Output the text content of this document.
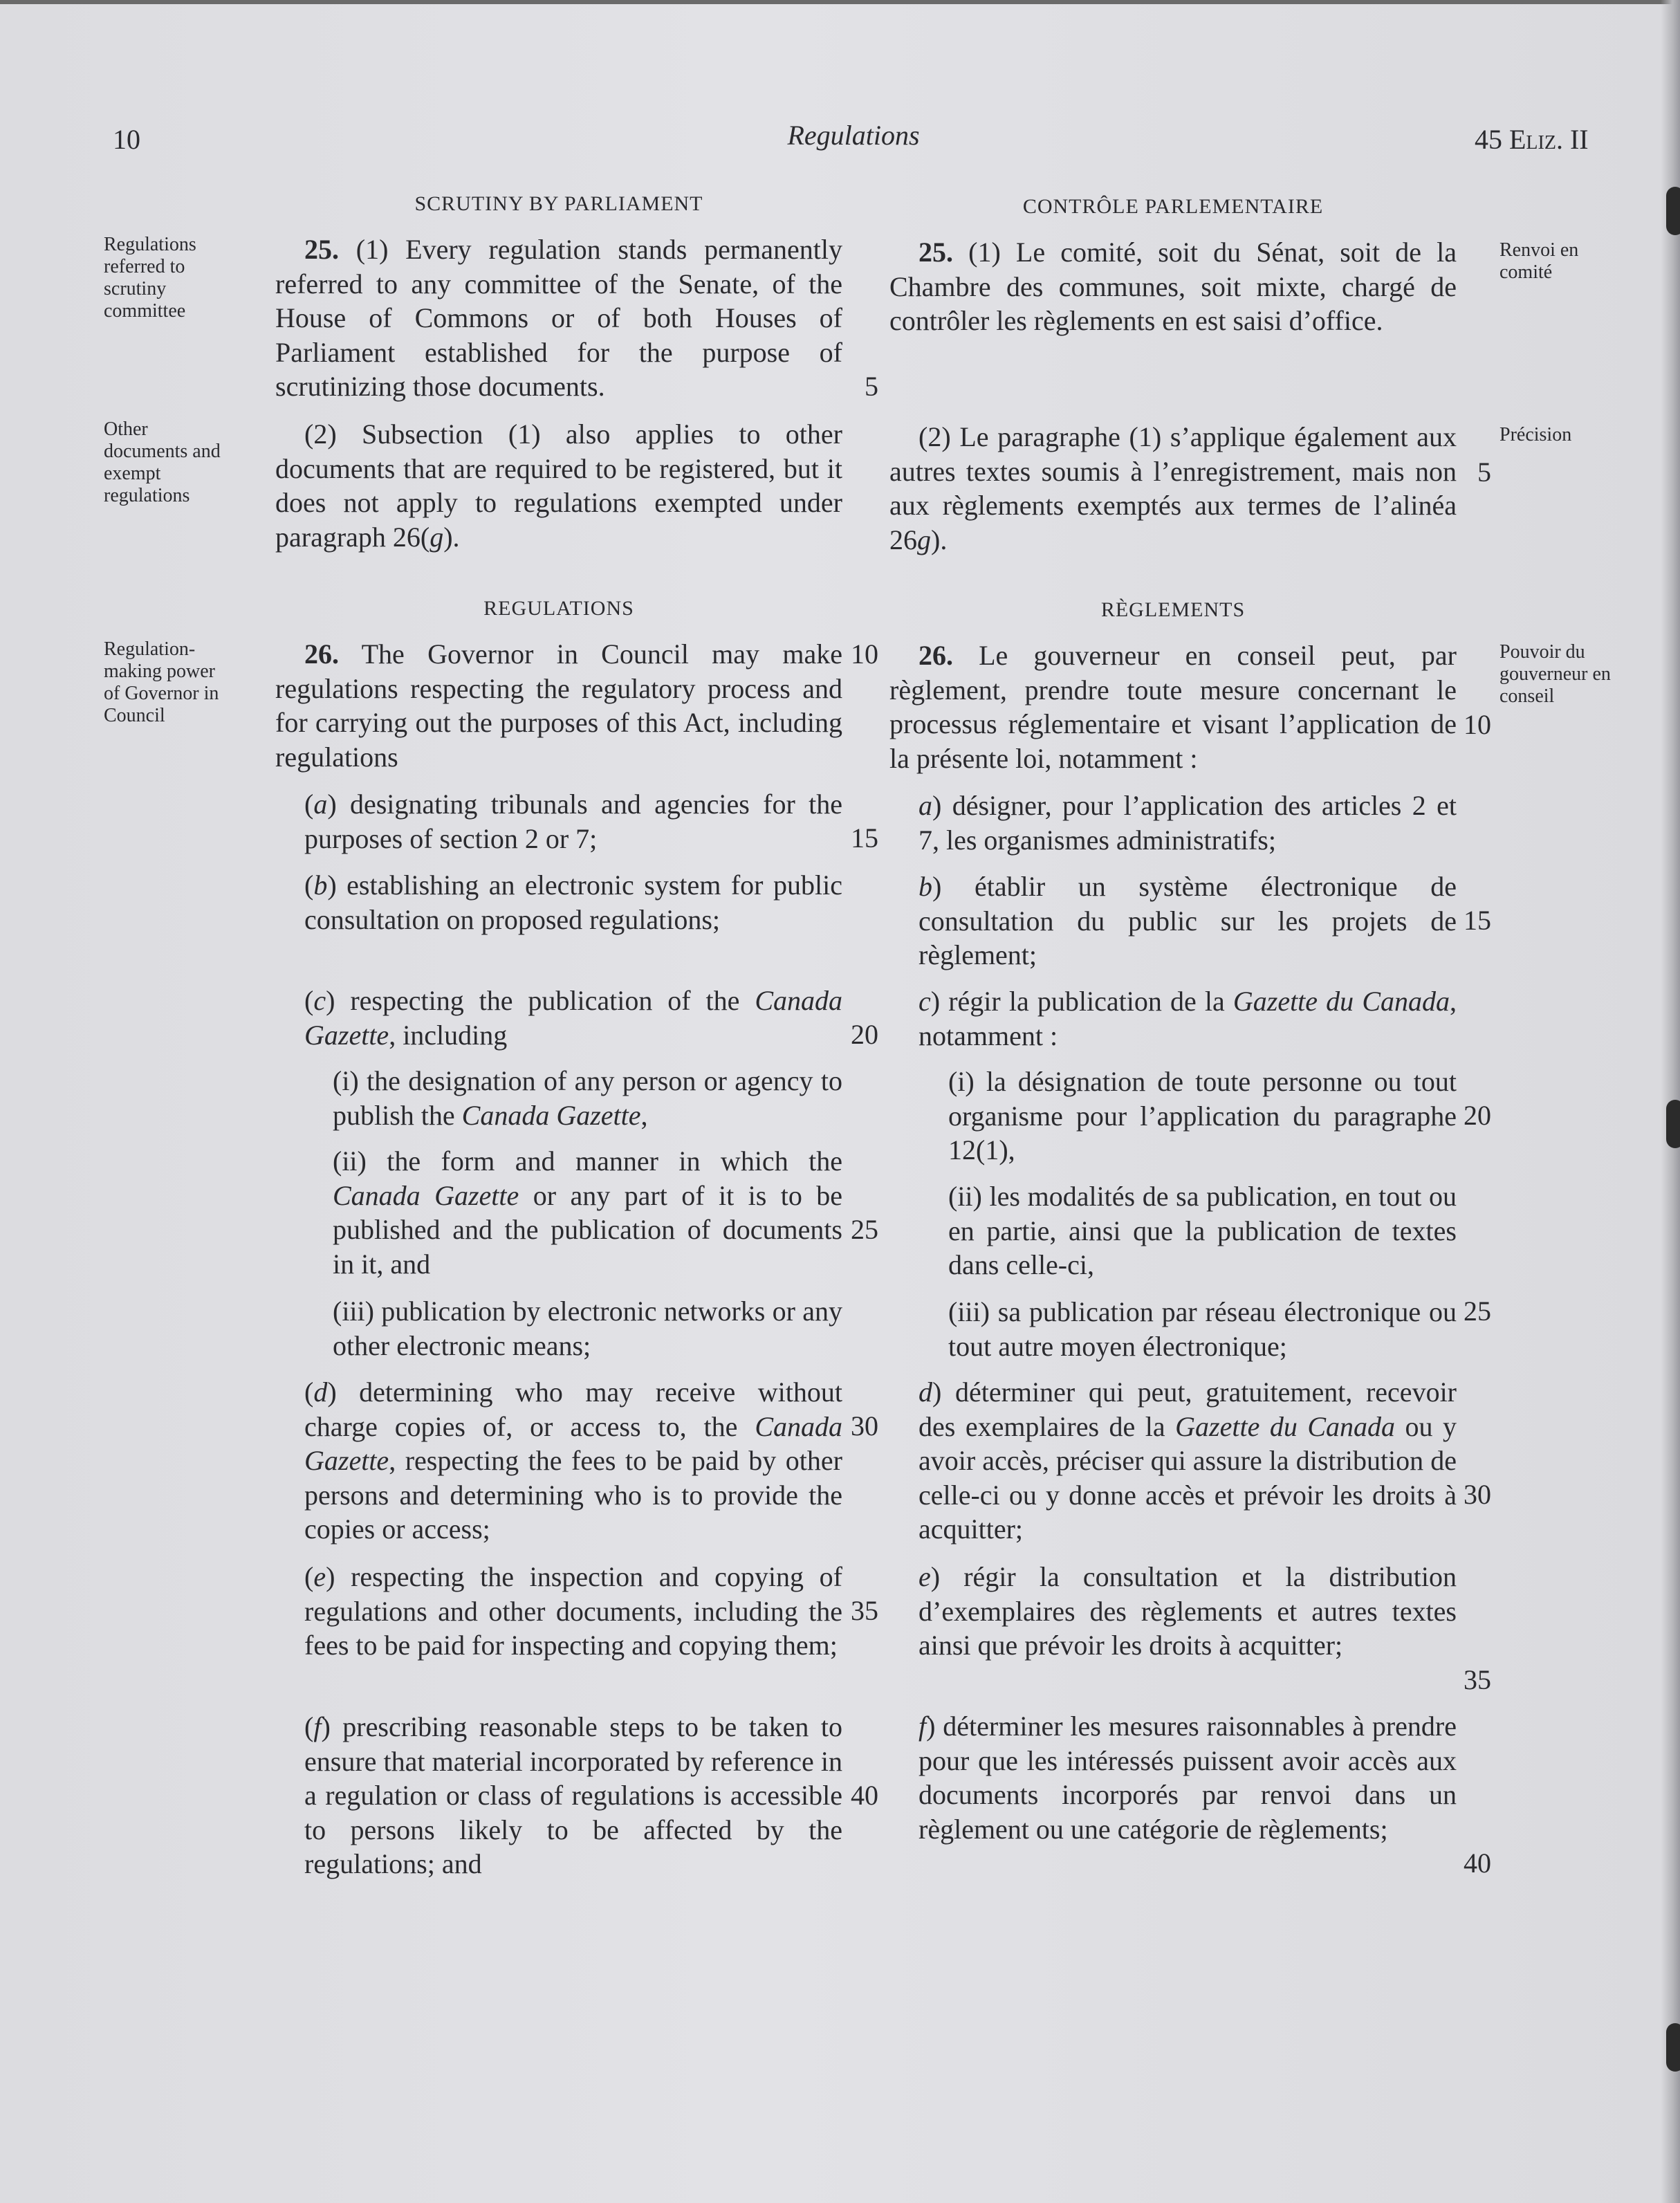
10	Regulations	45 Eliz. II
SCRUTINY BY PARLIAMENT	CONTRÔLE PARLEMENTAIRE
REGULATIONS	RÈGLEMENTS

Regulations referred to scrutiny committee

Other documents and exempt regulations

Regulation-making power of Governor in Council

Renvoi en comité

Précision

Pouvoir du gouverneur en conseil

25. (1) Every regulation stands permanently referred to any committee of the Senate, of the House of Commons or of both Houses of Parliament established for the purpose of scrutinizing those documents.

(2) Subsection (1) also applies to other documents that are required to be registered, but it does not apply to regulations exempted under paragraph 26(g).

26. The Governor in Council may make regulations respecting the regulatory process and for carrying out the purposes of this Act, including regulations

(a) designating tribunals and agencies for the purposes of section 2 or 7;

(b) establishing an electronic system for public consultation on proposed regulations;

(c) respecting the publication of the Canada Gazette, including

(i) the designation of any person or agency to publish the Canada Gazette,

(ii) the form and manner in which the Canada Gazette or any part of it is to be published and the publication of documents in it, and

(iii) publication by electronic networks or any other electronic means;

(d) determining who may receive without charge copies of, or access to, the Canada Gazette, respecting the fees to be paid by other persons and determining who is to provide the copies or access;

(e) respecting the inspection and copying of regulations and other documents, including the fees to be paid for inspecting and copying them;

(f) prescribing reasonable steps to be taken to ensure that material incorporated by reference in a regulation or class of regulations is accessible to persons likely to be affected by the regulations; and

5

10

15

20

25

30

35

40

25. (1) Le comité, soit du Sénat, soit de la Chambre des communes, soit mixte, chargé de contrôler les règlements en est saisi d’office.

(2) Le paragraphe (1) s’applique également aux autres textes soumis à l’enregistrement, mais non aux règlements exemptés aux termes de l’alinéa 26g).

26. Le gouverneur en conseil peut, par règlement, prendre toute mesure concernant le processus réglementaire et visant l’application de la présente loi, notamment :

a) désigner, pour l’application des articles 2 et 7, les organismes administratifs;

b) établir un système électronique de consultation du public sur les projets de règlement;

c) régir la publication de la Gazette du Canada, notamment :

(i) la désignation de toute personne ou tout organisme pour l’application du paragraphe 12(1),

(ii) les modalités de sa publication, en tout ou en partie, ainsi que la publication de textes dans celle-ci,

(iii) sa publication par réseau électronique ou tout autre moyen électronique;

d) déterminer qui peut, gratuitement, recevoir des exemplaires de la Gazette du Canada ou y avoir accès, préciser qui assure la distribution de celle-ci ou y donne accès et prévoir les droits à acquitter;

e) régir la consultation et la distribution d’exemplaires des règlements et autres textes ainsi que prévoir les droits à acquitter;

f) déterminer les mesures raisonnables à prendre pour que les intéressés puissent avoir accès aux documents incorporés par renvoi dans un règlement ou une catégorie de règlements;

5

10

15

20

25

30

35

40
